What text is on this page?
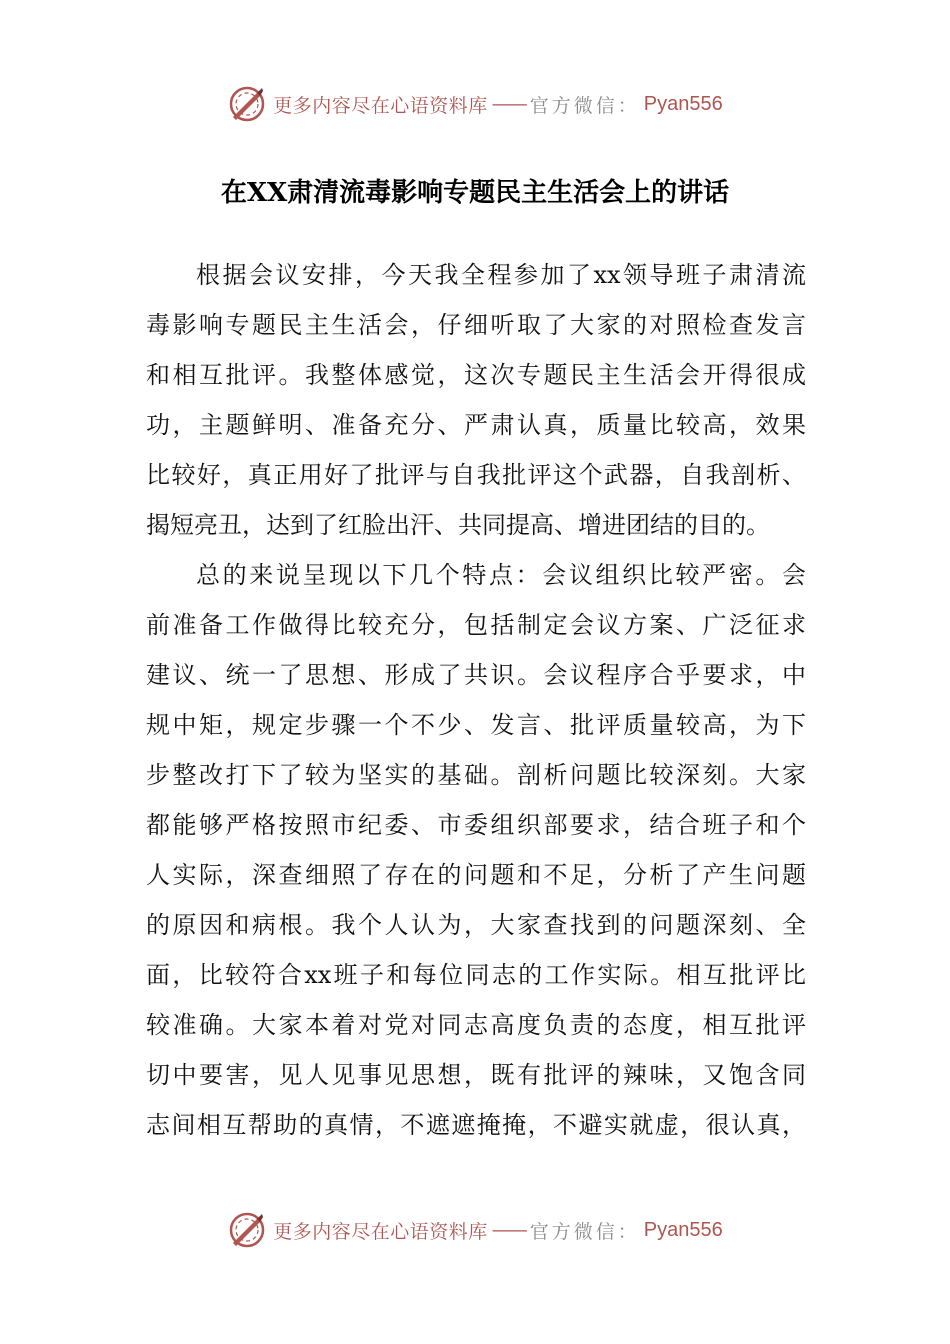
更多内容尽在心语资料库 —— 官方微信： Pyan556
在XX肃清流毒影响专题民主生活会上的讲话
根据会议安排，今天我全程参加了xx领导班子肃清流
毒影响专题民主生活会，仔细听取了大家的对照检查发言
和相互批评。我整体感觉，这次专题民主生活会开得很成
功，主题鲜明、准备充分、严肃认真，质量比较高，效果
比较好，真正用好了批评与自我批评这个武器，自我剖析、
揭短亮丑，达到了红脸出汗、共同提高、增进团结的目的。
总的来说呈现以下几个特点：会议组织比较严密。会
前准备工作做得比较充分，包括制定会议方案、广泛征求
建议、统一了思想、形成了共识。会议程序合乎要求，中
规中矩，规定步骤一个不少、发言、批评质量较高，为下
步整改打下了较为坚实的基础。剖析问题比较深刻。大家
都能够严格按照市纪委、市委组织部要求，结合班子和个
人实际，深查细照了存在的问题和不足，分析了产生问题
的原因和病根。我个人认为，大家查找到的问题深刻、全
面，比较符合xx班子和每位同志的工作实际。相互批评比
较准确。大家本着对党对同志高度负责的态度，相互批评
切中要害，见人见事见思想，既有批评的辣味，又饱含同
志间相互帮助的真情，不遮遮掩掩，不避实就虚，很认真，
更多内容尽在心语资料库 —— 官方微信： Pyan556
